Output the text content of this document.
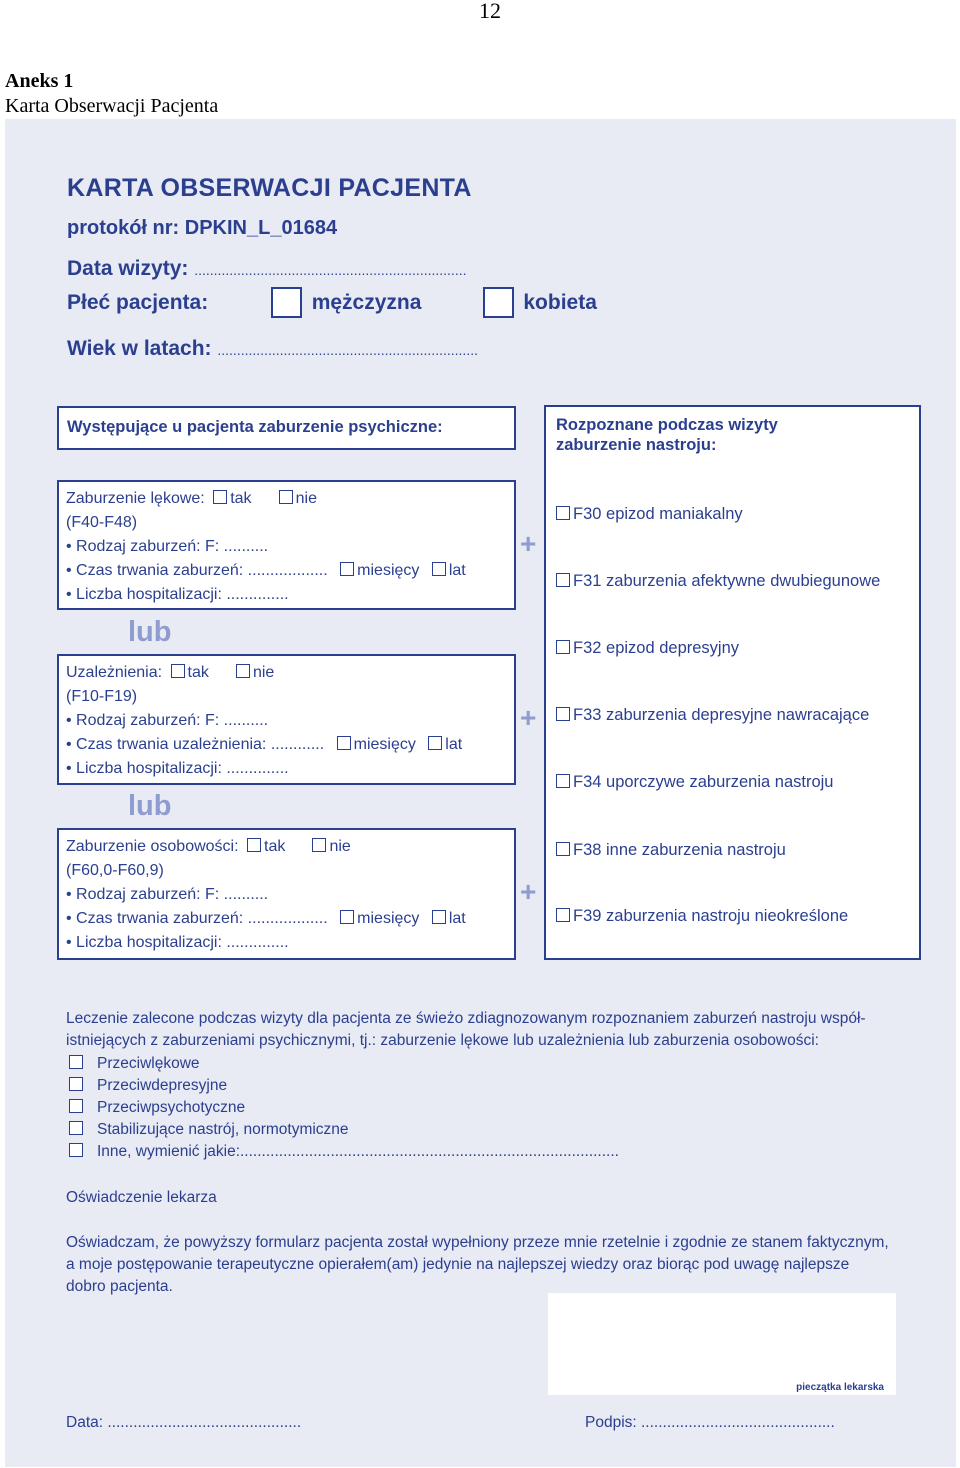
12
Aneks 1
Karta Obserwacji Pacjenta
KARTA OBSERWACJI PACJENTA
protokół nr: DPKIN_L_01684
Data wizyty: ......................................................................
Płeć pacjenta:	mężczyzna	kobieta
Wiek w latach: ...................................................................
Występujące u pacjenta zaburzenie psychiczne:	Rozpoznane podczas wizyty
zaburzenie nastroju:
F30 epizod maniakalny
F31 zaburzenia afektywne dwubiegunowe
F32 epizod depresyjny
F33 zaburzenia depresyjne nawracające
F34 uporczywe zaburzenia nastroju
F38 inne zaburzenia nastroju
F39 zaburzenia nastroju nieokreślone
Zaburzenie lękowe: tak	nie
(F40-F48)
• Rodzaj zaburzeń: F: ..........
• Czas trwania zaburzeń: .................. miesięcy lat
• Liczba hospitalizacji: ..............
+
lub
Uzależnienia: tak	nie
(F10-F19)
• Rodzaj zaburzeń: F: ..........
• Czas trwania uzależnienia: ............ miesięcy lat
• Liczba hospitalizacji: ..............
+
lub
Zaburzenie osobowości: tak	nie
(F60,0-F60,9)
• Rodzaj zaburzeń: F: ..........
• Czas trwania zaburzeń: .................. miesięcy lat
• Liczba hospitalizacji: ..............
+
Leczenie zalecone podczas wizyty dla pacjenta ze świeżo zdiagnozowanym rozpoznaniem zaburzeń nastroju współ-
istniejących z zaburzeniami psychicznymi, tj.: zaburzenie lękowe lub uzależnienia lub zaburzenia osobowości:
Przeciwlękowe
Przeciwdepresyjne
Przeciwpsychotyczne
Stabilizujące nastrój, normotymiczne
Inne, wymienić jakie:........................................................................................
Oświadczenie lekarza
Oświadczam, że powyższy formularz pacjenta został wypełniony przeze mnie rzetelnie i zgodnie ze stanem faktycznym,
a moje postępowanie terapeutyczne opierałem(am) jedynie na najlepszej wiedzy oraz biorąc pod uwagę najlepsze
dobro pacjenta.
pieczątka lekarska
Data: .............................................	Podpis: .............................................
